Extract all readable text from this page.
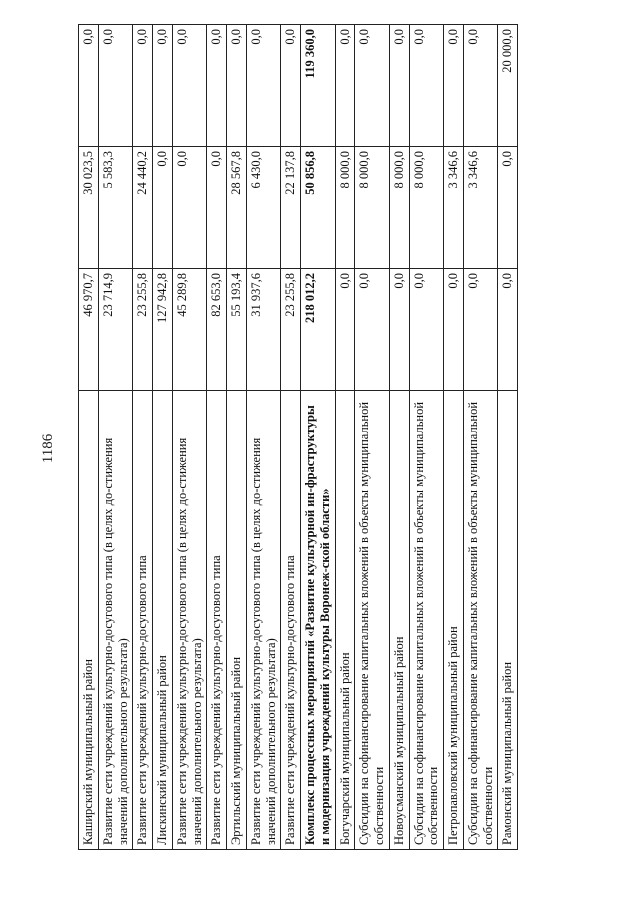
1186
Каширский муниципальный район	46 970,7	30 023,5	0,0
Развитие сети учреждений культурно-досугового типа (в целях до-стижения значений дополнительного результата)	23 714,9	5 583,3	0,0
Развитие сети учреждений культурно-досугового типа	23 255,8	24 440,2	0,0
Лискинский муниципальный район	127 942,8	0,0	0,0
Развитие сети учреждений культурно-досугового типа (в целях до-стижения значений дополнительного результата)	45 289,8	0,0	0,0
Развитие сети учреждений культурно-досугового типа	82 653,0	0,0	0,0
Эртильский муниципальный район	55 193,4	28 567,8	0,0
Развитие сети учреждений культурно-досугового типа (в целях до-стижения значений дополнительного результата)	31 937,6	6 430,0	0,0
Развитие сети учреждений культурно-досугового типа	23 255,8	22 137,8	0,0
Комплекс процессных мероприятий «Развитие культурной ин-фраструктуры и модернизация учреждений культуры Воронеж-ской области»	218 012,2	50 856,8	119 360,0
Богучарский муниципальный район	0,0	8 000,0	0,0
Субсидии на софинансирование капитальных вложений в объекты муниципальной собственности	0,0	8 000,0	0,0
Новоусманский муниципальный район	0,0	8 000,0	0,0
Субсидии на софинансирование капитальных вложений в объекты муниципальной собственности	0,0	8 000,0	0,0
Петропавловский муниципальный район	0,0	3 346,6	0,0
Субсидии на софинансирование капитальных вложений в объекты муниципальной собственности	0,0	3 346,6	0,0
Рамонский муниципальный район	0,0	0,0	20 000,0
